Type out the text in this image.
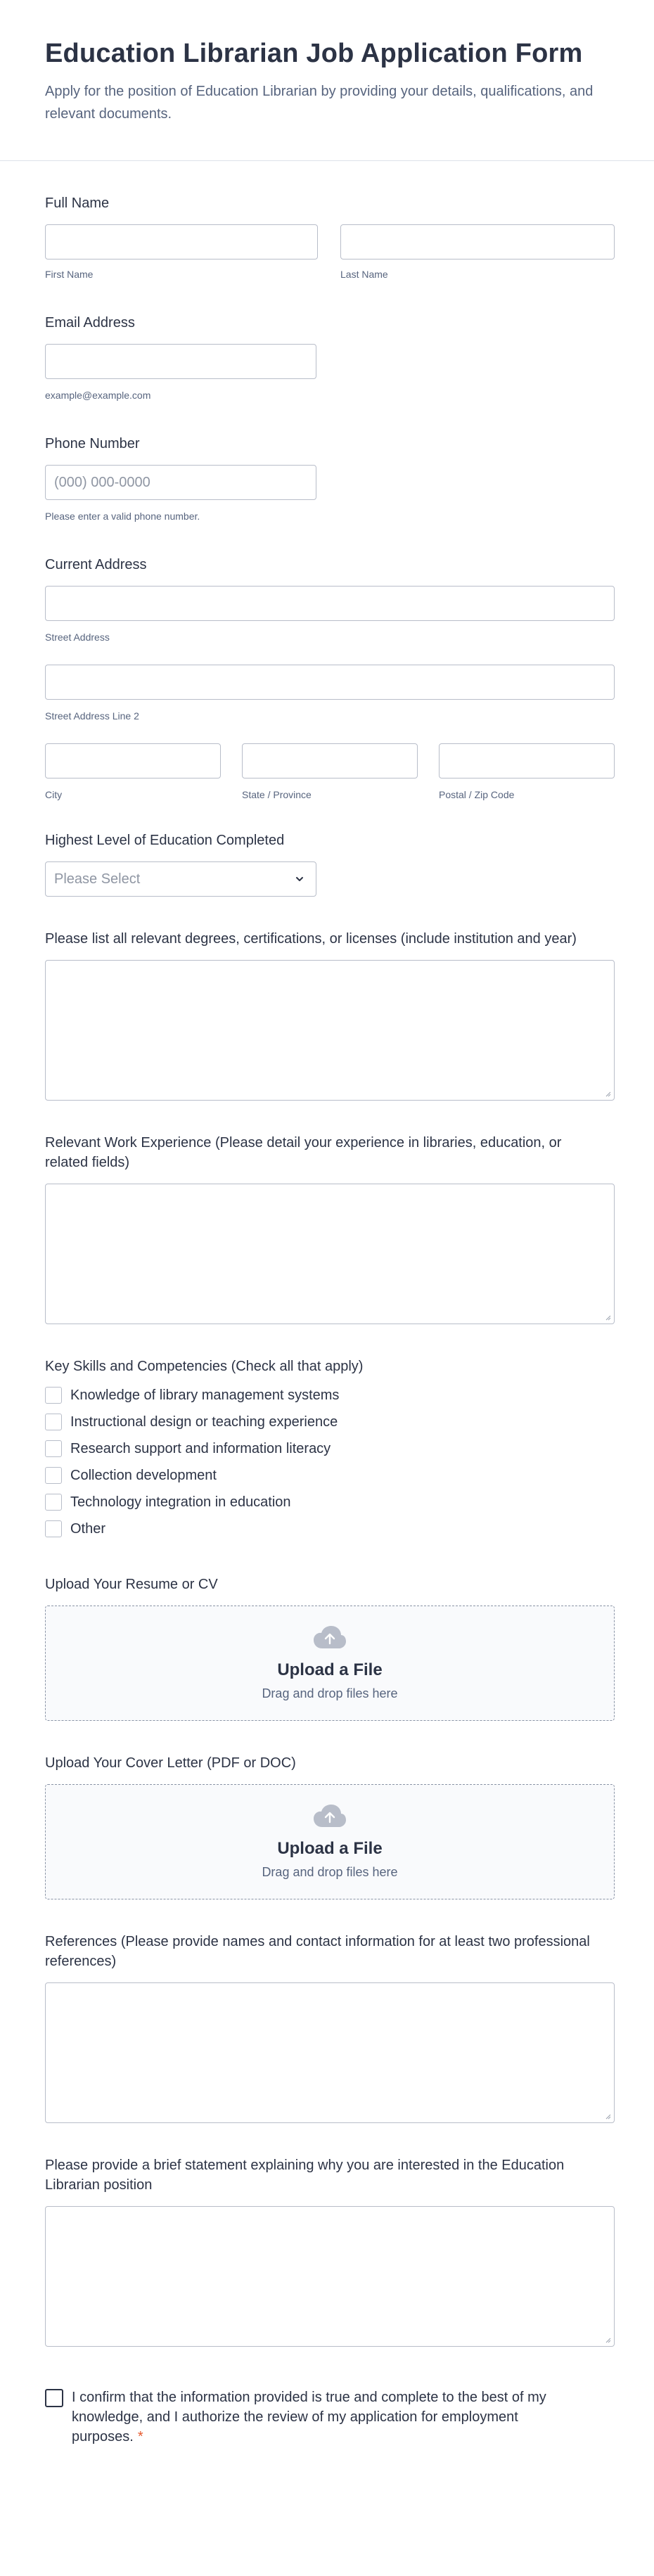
Education Librarian Job Application Form

Apply for the position of Education Librarian by providing your details, qualifications, and relevant documents.

Full Name
First Name	Last Name
Email Address
example@example.com
Phone Number
(000) 000-0000
Please enter a valid phone number.
Current Address
Street Address
Street Address Line 2
City	State / Province	Postal / Zip Code
Highest Level of Education Completed
Please Select
Please list all relevant degrees, certifications, or licenses (include institution and year)
Relevant Work Experience (Please detail your experience in libraries, education, or related fields)
Key Skills and Competencies (Check all that apply)
Knowledge of library management systems
Instructional design or teaching experience
Research support and information literacy
Collection development
Technology integration in education
Other
Upload Your Resume or CV
Upload a File
Drag and drop files here
Upload Your Cover Letter (PDF or DOC)
Upload a File
Drag and drop files here
References (Please provide names and contact information for at least two professional references)
Please provide a brief statement explaining why you are interested in the Education Librarian position

I confirm that the information provided is true and complete to the best of my knowledge, and I authorize the review of my application for employment purposes. *
